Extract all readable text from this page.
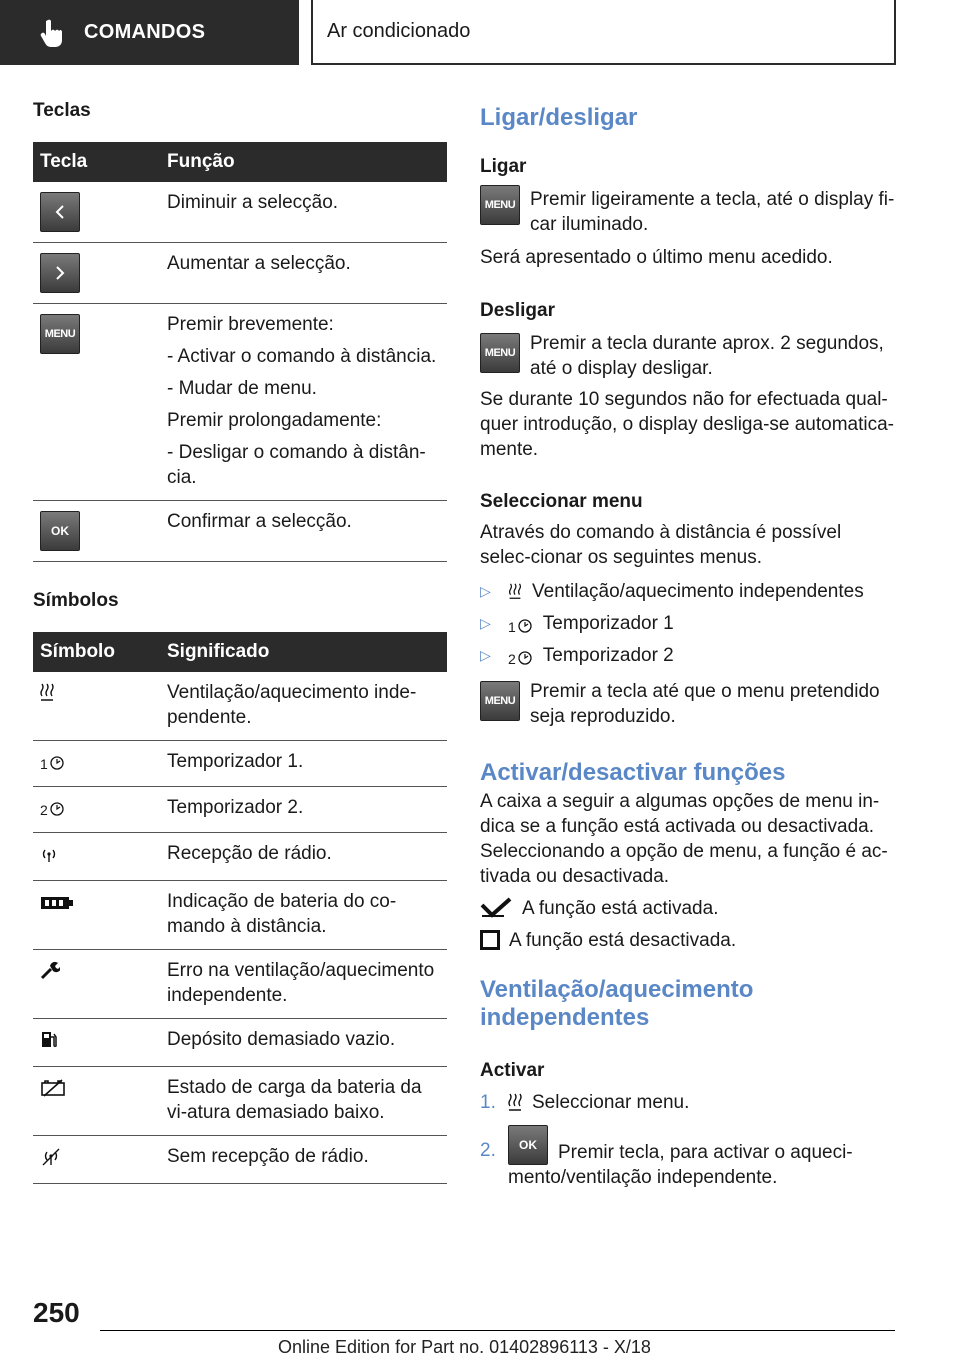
COMANDOS	Ar condicionado
Teclas
Tecla	Função

	Diminuir a selecção.

	Aumentar a selecção.

MENU	Premir brevemente:
- Activar o comando à distância.
- Mudar de menu.
Premir prolongadamente:
- Desligar o comando à distân-cia.

OK	Confirmar a selecção.
Símbolos
Símbolo	Significado

	Ventilação/aquecimento inde-pendente.

1	Temporizador 1.

2	Temporizador 2.

	Recepção de rádio.

	Indicação de bateria do co-mando à distância.

	Erro na ventilação/aquecimento independente.

	Depósito demasiado vazio.

	Estado de carga da bateria da vi-atura demasiado baixo.

	Sem recepção de rádio.
Ligar/desligar
Ligar
MENU Premir ligeiramente a tecla, até o display fi-car iluminado.
Será apresentado o último menu acedido.
Desligar
MENU Premir a tecla durante aprox. 2 segundos, até o display desligar.
Se durante 10 segundos não for efectuada qual-quer introdução, o display desliga-se automatica-mente.
Seleccionar menu
Através do comando à distância é possível selec-cionar os seguintes menus.
▷	Ventilação/aquecimento independentes
▷	1 Temporizador 1
▷	2 Temporizador 2
MENU Premir a tecla até que o menu pretendido seja reproduzido.
Activar/desactivar funções
A caixa a seguir a algumas opções de menu in-dica se a função está activada ou desactivada. Seleccionando a opção de menu, a função é ac-tivada ou desactivada.
A função está activada.
A função está desactivada.
Ventilação/aquecimento independentes
Activar
1.	Seleccionar menu.
2.	OK	Premir tecla, para activar o aqueci-
mento/ventilação independente.
250
Online Edition for Part no. 01402896113 - X/18
